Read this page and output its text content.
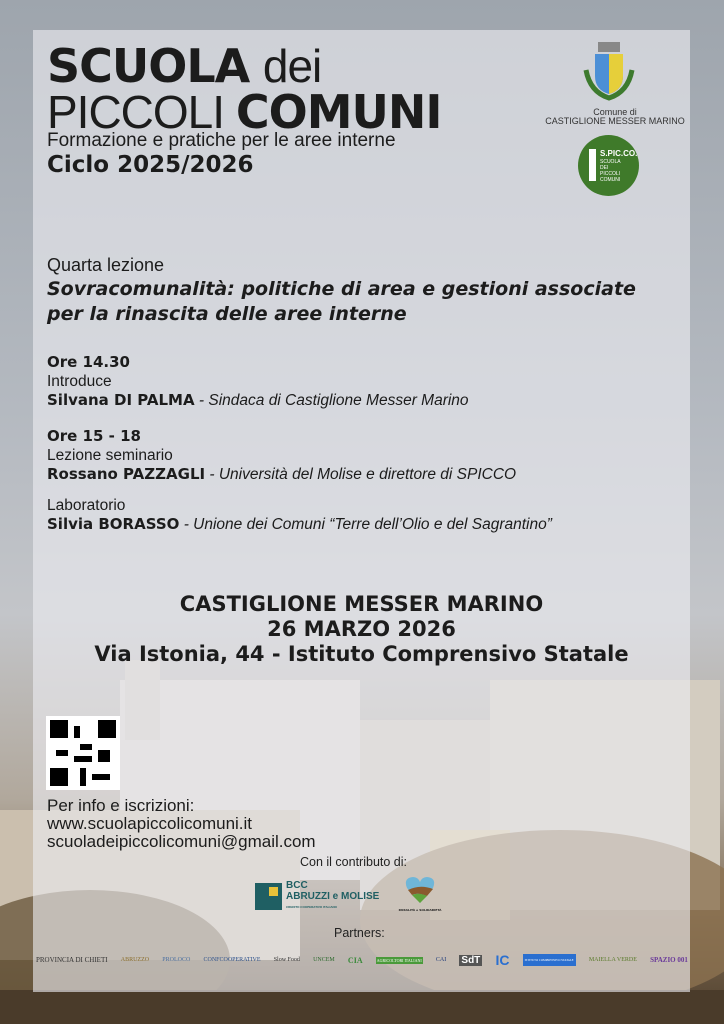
SCUOLA dei
PICCOLI COMUNI
Formazione e pratiche per le aree interne
Ciclo 2025/2026
Comune di
CASTIGLIONE MESSER MARINO
S.PIC.CO.
SCUOLA
DEI
PICCOLI
COMUNI
Quarta lezione
Sovracomunalità: politiche di area e gestioni associate
per la rinascita delle aree interne
Ore 14.30
Introduce
Silvana DI PALMA - Sindaca di Castiglione Messer Marino
Ore 15 - 18
Lezione seminario
Rossano PAZZAGLI - Università del Molise e direttore di SPICCO
Laboratorio
Silvia BORASSO - Unione dei Comuni “Terre dell’Olio e del Sagrantino”
CASTIGLIONE MESSER MARINO
26 MARZO 2026
Via Istonia, 44 - Istituto Comprensivo Statale
Per info e iscrizioni:
www.scuolapiccolicomuni.it
scuoladeipiccolicomuni@gmail.com
Con il contributo di:
BCC
ABRUZZI e MOLISE
CREDITO COOPERATIVO ITALIANO
RURALITÀ e SOLIDARIETÀ
Partners:
PROVINCIA DI CHIETI ABRUZZO PROLOCO CONFCOOPERATIVE Slow Food UNCEM CIA	AGRICOLTORI ITALIANI CAI SdT IC	ISTITUTO COMPRENSIVO STATALE	MAIELLA VERDE SPAZIO 001
